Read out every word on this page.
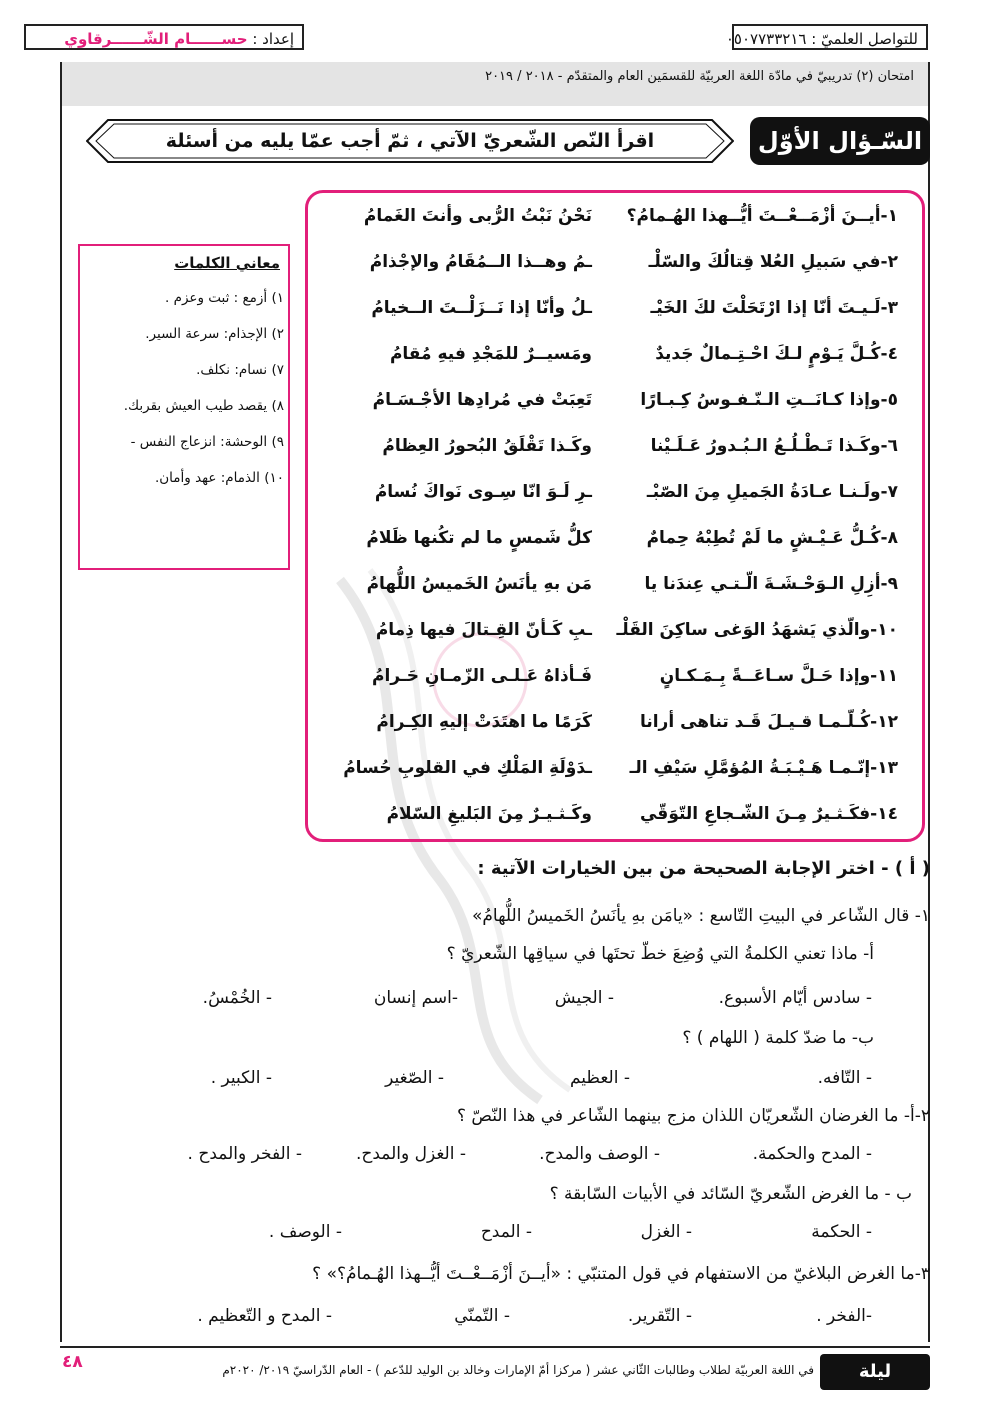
للتواصل العلميّ : ٠٥٠٧٧٣٣٢١٦
إعداد : حســــــام الشّــــــرقاوي
امتحان (٢) تدريبيّ في مادّة اللغة العربيّة للقسمَين العام والمتقدّم - ٢٠١٨ / ٢٠١٩
السّـؤال الأوّل
اقرأ النّص الشّعريّ الآتي ، ثمّ أجب عمّا يليه من أسئلة
١-أيــنَ أزْمَــعْــتَ أيُّــهذا الهُـمامُ؟
نَحْنُ نَبْتُ الرُّبى وأنتَ الغَمامُ
٢-في سَبيلِ العُلا قِتالُكَ والسّلْـ
ـمُ وهــذا الــمُقَامُ والإجْذامُ
٣-لَـيـتَ أنّا إذا ارْتَحَلْتَ لكَ الخَيْـ
ـلُ وأنّا إذا نَــزَلْــتَ الــخيامُ
٤-كُـلَّ يَـوْمٍ لـكَ احْـتِـمالٌ جَديدٌ
ومَسيــرٌ للمَجْدِ فيهِ مُقامُ
٥-وإذا كـانَــتِ الـنّـفـوسُ كِـبـارًا
تَعِبَتْ في مُرادِها الأجْـسَـامُ
٦-وكَـذا تَـطْـلُـعُ الـبُـدورُ عَـلَـيْنا
وكَـذا تَقْلَقُ البُحورُ العِظامُ
٧-ولَـنـا عـادَةُ الجَميلِ مِنَ الصّبْـ
ـرِ لَـوَ انّا سِـوى نَواكَ نُسامُ
٨-كُـلُّ عَـيْـشٍ ما لَمْ تُطِبْهُ حِمامٌ
كلُّ شَمسٍ ما لم تكُنها ظَلامُ
٩-أزِلِ الـوَحْـشَـةَ الّـتـي عِندَنا يا
مَن بهِ يأنَسُ الخَميسُ اللُّهامُ
١٠-والّذي يَشهَدُ الوَغى ساكِنَ القَلْـ
ـبِ كَـأنّ القِـتالَ فيها ذِمامُ
١١-وإذا حَـلَّ سـاعَــةً بِـمَـكـانٍ
فَـأذاهُ عَـلـى الزّمـانِ حَـرامُ
١٢-كُـلّـمـا قـيـلَ قَـد تناهى أرانا
كَرَمًا ما اهتَدَتْ إليهِ الكِـرامُ
١٣-إنّـمـا هَـيْـبَـةُ المُؤمَّلِ سَيْفِ الـ
ـدَوْلَةِ المَلْكِ في القلوبِ حُسامُ
١٤-فكَـثـيرٌ مِـنَ الشّـجاعِ التّوَقّي
وكَـثـيـرٌ مِنَ البَليغِ السّلامُ
معاني الكلمات
١) أزمع : ثبت وعزم .
٢) الإجذام: سرعة السير.
٧) نسام: نكلف.
٨) يقصد طيب العيش بقربك.
٩) الوحشة: انزعاج النفس -
١٠) الذمام: عهد وأمان.
( أ ) - اختر الإجابة الصحيحة من بين الخيارات الآتية :
١- قال الشّاعر في البيتِ التّاسع : «يامَن بهِ يأنَسُ الخَميسُ اللُّهامُ»
أ- ماذا تعني الكلمةُ التي وُضِعَ خطّ تحتَها في سياقِها الشّعريّ ؟
- سادس أيّام الأسبوع.
- الجيش
-اسم إنسان
- الخُمْسُ.
ب- ما ضدّ كلمة ( اللهام ) ؟
- التّافه.
- العظيم
- الصّغير
- الكبير .
٢-أ- ما الغرضان الشّعريّان اللذان مزج بينهما الشّاعر في هذا النّصّ ؟
- المدح والحكمة.
- الوصف والمدح.
- الغزل والمدح.
- الفخر والمدح .
ب - ما الغرض الشّعريّ السّائد في الأبيات السّابقة ؟
- الحكمة
- الغزل
- المدح
- الوصف .
٣-ما الغرض البلاغيّ من الاستفهام في قول المتنبّي : «أيــنَ أزْمَــعْــتَ أيُّــهذا الهُـمامُ؟» ؟
-الفخر .
- التّقرير.
- التّمنّي
- المدح و التّعظيم .
ليلة الامتحان
في اللغة العربيّة لطلاب وطالبات الثّاني عشر ( مركزا أمّ الإمارات وخالد بن الوليد للدّعم ) - العام الدّراسيّ ٢٠١٩/ ٢٠٢٠م
٤٨
